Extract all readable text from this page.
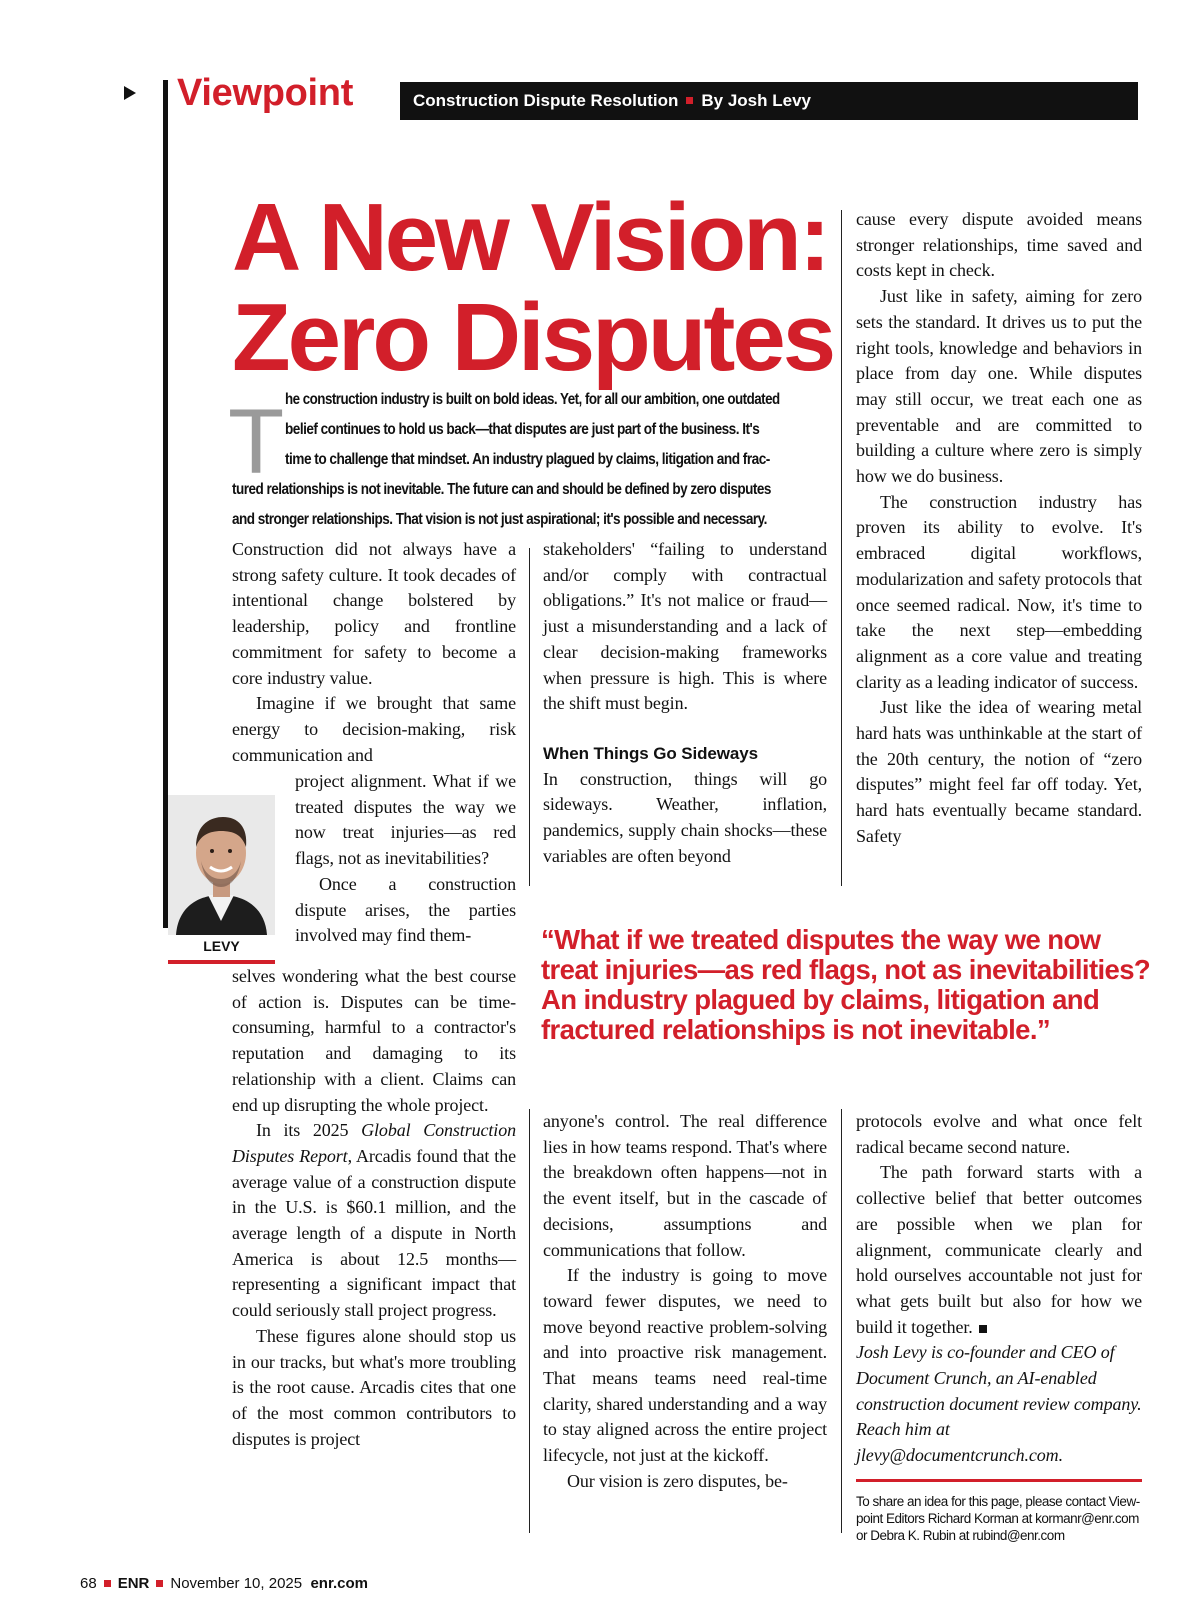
Viewpoint	Construction Dispute Resolution By Josh Levy
A New Vision:
Zero Disputes
T he construction industry is built on bold ideas. Yet, for all our ambition, one outdated
belief continues to hold us back—that disputes are just part of the business. It's
time to challenge that mindset. An industry plagued by claims, litigation and frac-
tured relationships is not inevitable. The future can and should be defined by zero disputes
and stronger relationships. That vision is not just aspirational; it's possible and necessary.

Construction did not always have a strong safety culture. It took decades of intentional change bolstered by leadership, policy and frontline commitment for safety to become a core industry value.

Imagine if we brought that same energy to decision-making, risk communication and

project alignment. What if we treated disputes the way we now treat injuries—as red flags, not as inevitabilities?

Once a construction dispute arises, the parties involved may find them-

LEVY

selves wondering what the best course of action is. Disputes can be time-consuming, harmful to a contractor's reputation and damaging to its relationship with a client. Claims can end up disrupting the whole project.

In its 2025 Global Construction Disputes Report, Arcadis found that the average value of a construction dispute in the U.S. is $60.1 million, and the average length of a dispute in North America is about 12.5 months—representing a significant impact that could seriously stall project progress.

These figures alone should stop us in our tracks, but what's more troubling is the root cause. Arcadis cites that one of the most common contributors to disputes is project

stakeholders' “failing to understand and/or comply with contractual obligations.” It's not malice or fraud—just a misunderstanding and a lack of clear decision-making frameworks when pressure is high. This is where the shift must begin.

When Things Go Sideways

In construction, things will go sideways. Weather, inflation, pandemics, supply chain shocks—these variables are often beyond

cause every dispute avoided means stronger relationships, time saved and costs kept in check.

Just like in safety, aiming for zero sets the standard. It drives us to put the right tools, knowledge and behaviors in place from day one. While disputes may still occur, we treat each one as preventable and are committed to building a culture where zero is simply how we do business.

The construction industry has proven its ability to evolve. It's embraced digital workflows, modularization and safety protocols that once seemed radical. Now, it's time to take the next step—embedding alignment as a core value and treating clarity as a leading indicator of success.

Just like the idea of wearing metal hard hats was unthinkable at the start of the 20th century, the notion of “zero disputes” might feel far off today. Yet, hard hats eventually became standard. Safety

“What if we treated disputes the way we now treat injuries—as red flags, not as inevitabilities? An industry plagued by claims, litigation and fractured relationships is not inevitable.”

anyone's control. The real difference lies in how teams respond. That's where the breakdown often happens—not in the event itself, but in the cascade of decisions, assumptions and communications that follow.

If the industry is going to move toward fewer disputes, we need to move beyond reactive problem-solving and into proactive risk management. That means teams need real-time clarity, shared understanding and a way to stay aligned across the entire project lifecycle, not just at the kickoff.

Our vision is zero disputes, be-

protocols evolve and what once felt radical became second nature.

The path forward starts with a collective belief that better outcomes are possible when we plan for alignment, communicate clearly and hold ourselves accountable not just for what gets built but also for how we build it together.

Josh Levy is co-founder and CEO of Document Crunch, an AI-enabled construction document review company. Reach him at jlevy@documentcrunch.com.

To share an idea for this page, please contact View-
point Editors Richard Korman at kormanr@enr.com
or Debra K. Rubin at rubind@enr.com
68 ENR November 10, 2025 enr.com
